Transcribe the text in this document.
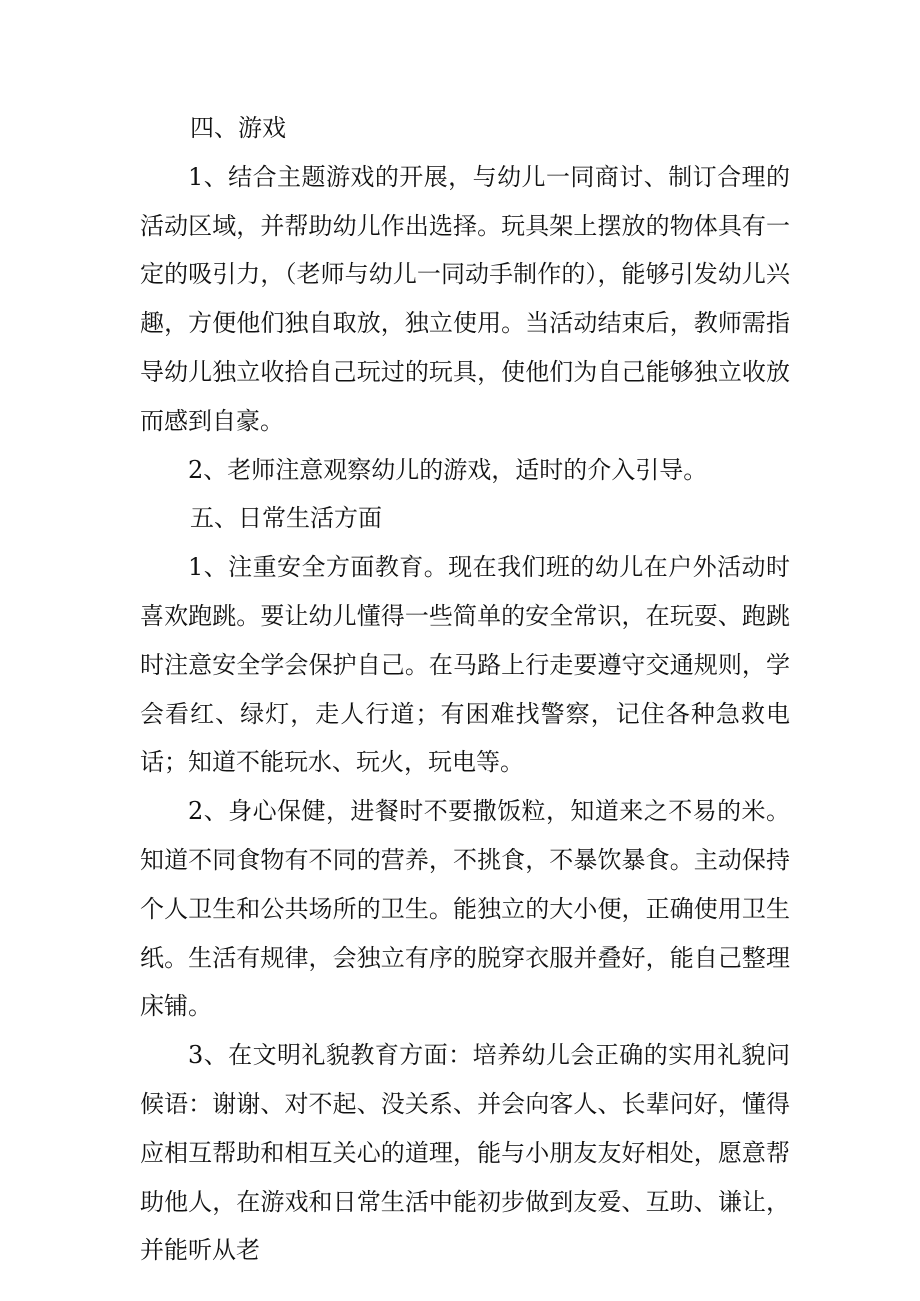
四、游戏

1、结合主题游戏的开展，与幼儿一同商讨、制订合理的活动区域，并帮助幼儿作出选择。玩具架上摆放的物体具有一定的吸引力，（老师与幼儿一同动手制作的），能够引发幼儿兴趣，方便他们独自取放，独立使用。当活动结束后，教师需指导幼儿独立收拾自己玩过的玩具，使他们为自己能够独立收放而感到自豪。

2、老师注意观察幼儿的游戏，适时的介入引导。

五、日常生活方面

1、注重安全方面教育。现在我们班的幼儿在户外活动时喜欢跑跳。要让幼儿懂得一些简单的安全常识，在玩耍、跑跳时注意安全学会保护自己。在马路上行走要遵守交通规则，学会看红、绿灯，走人行道；有困难找警察，记住各种急救电话；知道不能玩水、玩火，玩电等。

2、身心保健，进餐时不要撒饭粒，知道来之不易的米。知道不同食物有不同的营养，不挑食，不暴饮暴食。主动保持个人卫生和公共场所的卫生。能独立的大小便，正确使用卫生纸。生活有规律，会独立有序的脱穿衣服并叠好，能自己整理床铺。

3、在文明礼貌教育方面：培养幼儿会正确的实用礼貌问候语：谢谢、对不起、没关系、并会向客人、长辈问好，懂得应相互帮助和相互关心的道理，能与小朋友友好相处，愿意帮助他人，在游戏和日常生活中能初步做到友爱、互助、谦让，并能听从老
